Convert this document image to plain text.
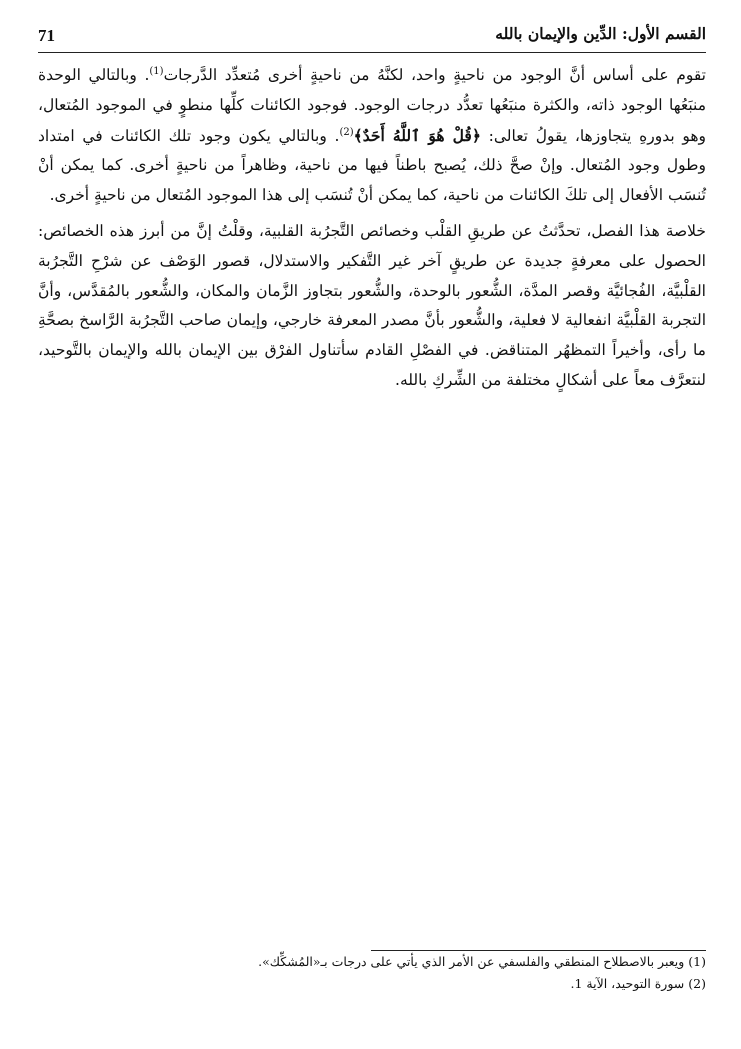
71	القسم الأول: الدِّين والإيمان بالله

تقوم على أساس أنَّ الوجود من ناحيةٍ واحد، لكنَّهُ من ناحيةٍ أخرى مُتعدِّد الدَّرجات$^{(1)}$. وبالتالي الوحدة منبَعُها الوجود ذاته، والكثرة منبَعُها تعدُّد درجات الوجود. فوجود الكائنات كلِّها منطوٍ في الموجود المُتعال، وهو بدورهِ يتجاوزها، يقولُ تعالى: ﴿قُلْ هُوَ ٱللَّهُ أَحَدٌ﴾$^{(2)}$. وبالتالي يكون وجود تلك الكائنات في امتداد وطول وجود المُتعال. وإنْ صحَّ ذلك، يُصبح باطناً فيها من ناحية، وظاهراً من ناحيةٍ أخرى. كما يمكن أنْ تُنسَب الأفعال إلى تلكَ الكائنات من ناحية، كما يمكن أنْ تُنسَب إلى هذا الموجود المُتعال من ناحيةٍ أخرى.

خلاصة هذا الفصل، تحدَّثتُ عن طريقِ القلْب وخصائص التَّجرُبة القلبية، وقلْتُ إنَّ من أبرز هذه الخصائص: الحصول على معرفةٍ جديدة عن طريقٍ آخر غير التَّفكير والاستدلال، قصور الوَصْف عن شرْحِ التَّجرُبة القلْبيَّة، الفُجائيَّة وقصر المدَّة، الشُّعور بالوحدة، والشُّعور بتجاوز الزَّمان والمكان، والشُّعور بالمُقدَّس، وأنَّ التجربة القلْبيَّة انفعالية لا فعلية، والشُّعور بأنَّ مصدر المعرفة خارجي، وإيمان صاحب التَّجرُبة الرَّاسخ بصحَّةِ ما رأى، وأخيراً التمظهُر المتناقض. في الفصْلِ القادم سأتناول الفرْق بين الإيمان بالله والإيمان بالتَّوحيد، لنتعرَّف معاً على أشكالٍ مختلفة من الشِّركِ بالله.

(1) ويعبر بالاصطلاح المنطقي والفلسفي عن الأمر الذي يأتي على درجات بـ«المُشكِّك».
(2) سورة التوحيد، الآية 1.
